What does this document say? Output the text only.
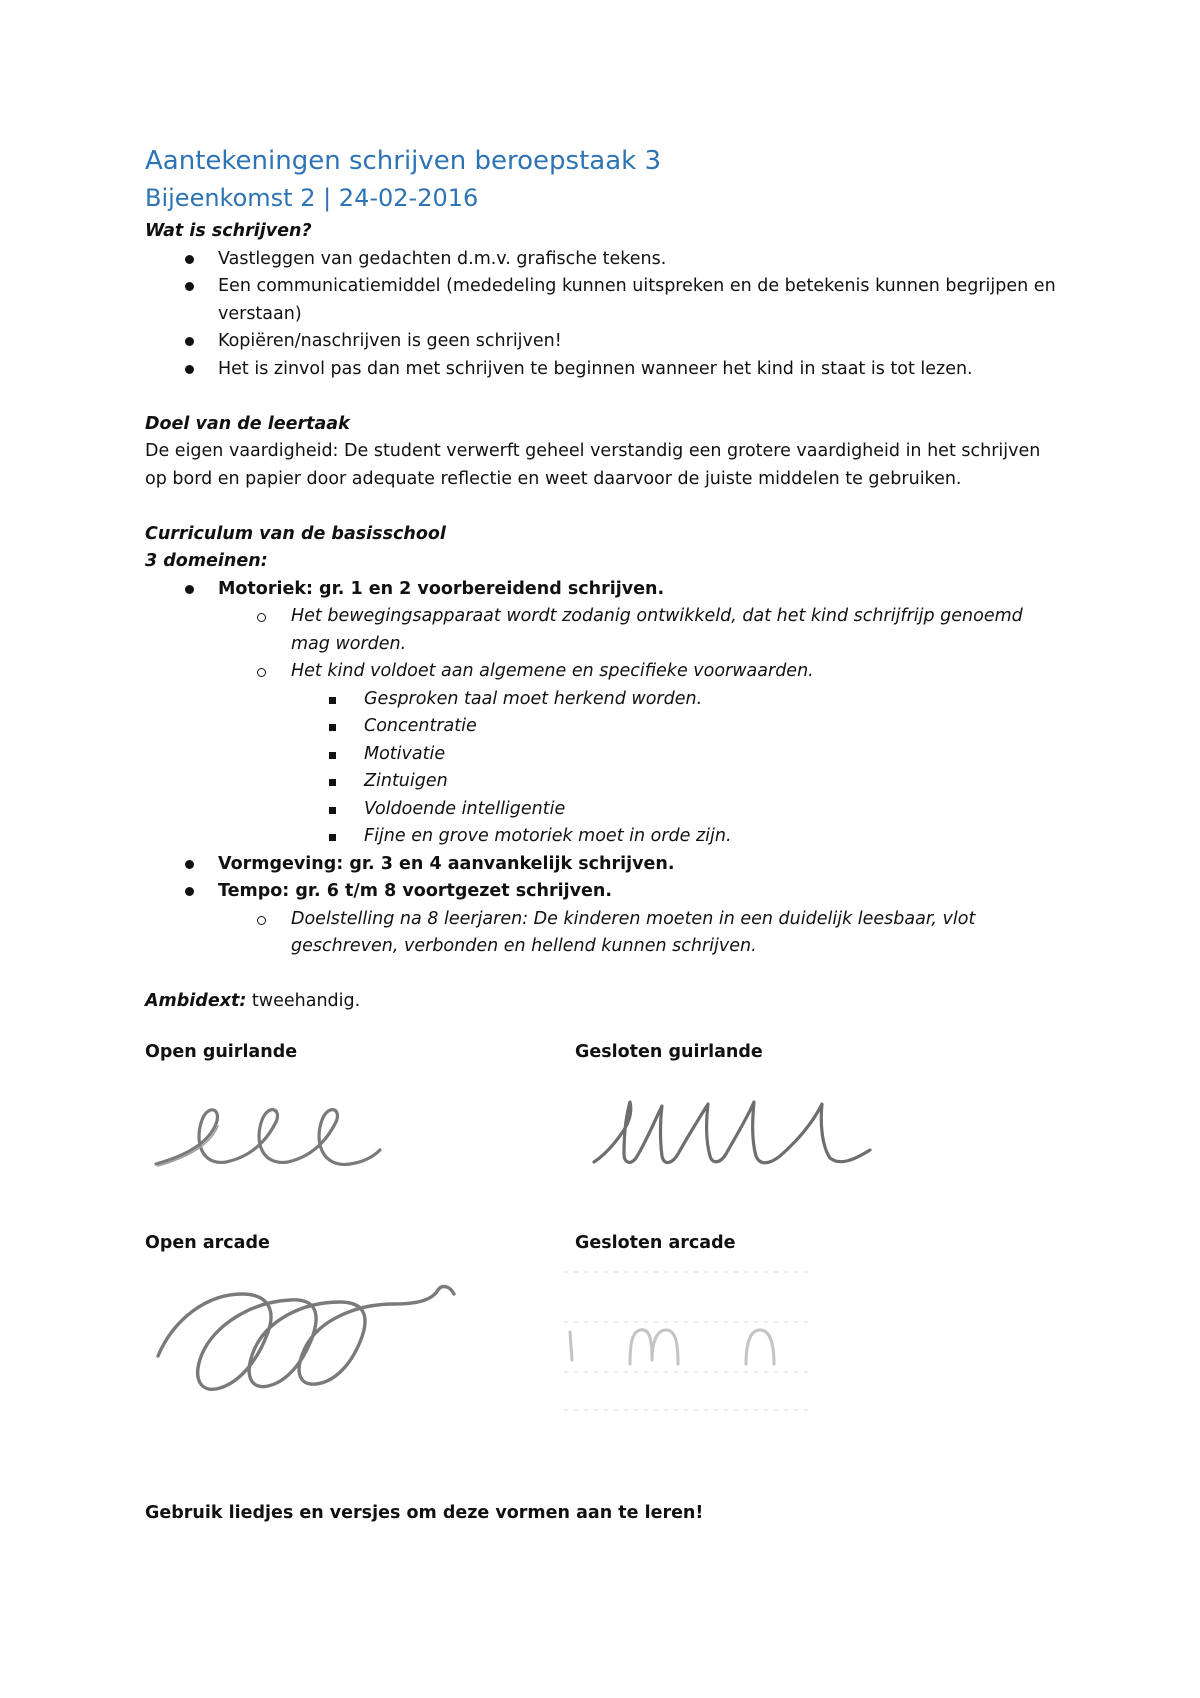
Aantekeningen schrijven beroepstaak 3
Bijeenkomst 2 | 24-02-2016
Wat is schrijven?
Vastleggen van gedachten d.m.v. grafische tekens.
Een communicatiemiddel (mededeling kunnen uitspreken en de betekenis kunnen begrijpen en verstaan)
Kopiëren/naschrijven is geen schrijven!
Het is zinvol pas dan met schrijven te beginnen wanneer het kind in staat is tot lezen.
Doel van de leertaak
De eigen vaardigheid: De student verwerft geheel verstandig een grotere vaardigheid in het schrijven op bord en papier door adequate reflectie en weet daarvoor de juiste middelen te gebruiken.
Curriculum van de basisschool
3 domeinen:
Motoriek: gr. 1 en 2 voorbereidend schrijven.
Het bewegingsapparaat wordt zodanig ontwikkeld, dat het kind schrijfrijp genoemd mag worden.
Het kind voldoet aan algemene en specifieke voorwaarden.
Gesproken taal moet herkend worden.
Concentratie
Motivatie
Zintuigen
Voldoende intelligentie
Fijne en grove motoriek moet in orde zijn.
Vormgeving: gr. 3 en 4 aanvankelijk schrijven.
Tempo: gr. 6 t/m 8 voortgezet schrijven.
Doelstelling na 8 leerjaren: De kinderen moeten in een duidelijk leesbaar, vlot geschreven, verbonden en hellend kunnen schrijven.
Ambidext: tweehandig.
Open guirlande	Gesloten guirlande
Open arcade	Gesloten arcade
Gebruik liedjes en versjes om deze vormen aan te leren!
